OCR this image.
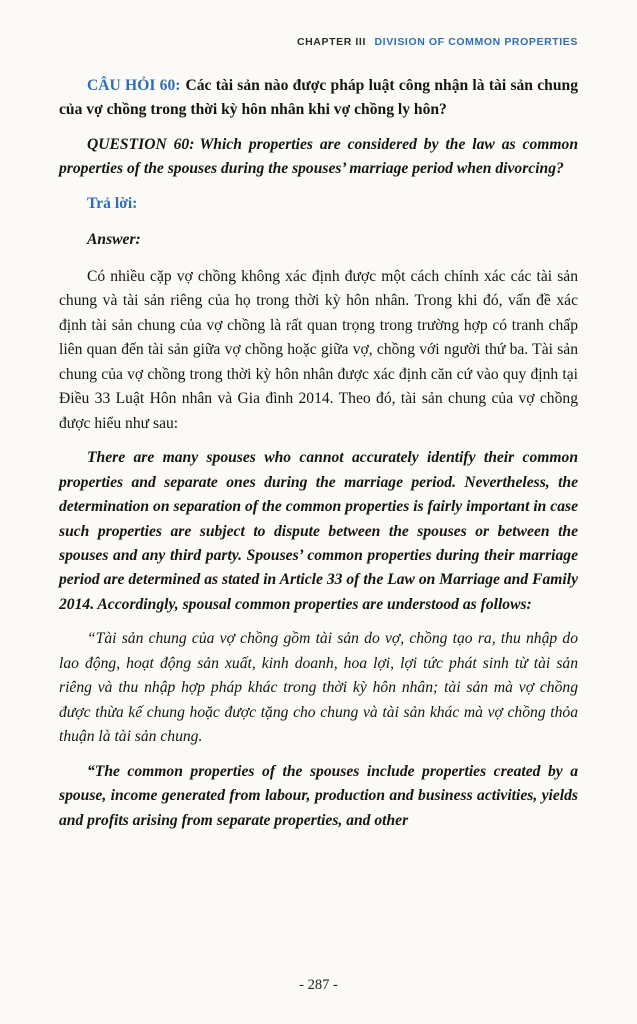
CHAPTER III DIVISION OF COMMON PROPERTIES

CÂU HỎI 60: Các tài sản nào được pháp luật công nhận là tài sản chung của vợ chồng trong thời kỳ hôn nhân khi vợ chồng ly hôn?

QUESTION 60: Which properties are considered by the law as common properties of the spouses during the spouses’ marriage period when divorcing?

Trả lời:

Answer:

Có nhiều cặp vợ chồng không xác định được một cách chính xác các tài sản chung và tài sản riêng của họ trong thời kỳ hôn nhân. Trong khi đó, vấn đề xác định tài sản chung của vợ chồng là rất quan trọng trong trường hợp có tranh chấp liên quan đến tài sản giữa vợ chồng hoặc giữa vợ, chồng với người thứ ba. Tài sản chung của vợ chồng trong thời kỳ hôn nhân được xác định căn cứ vào quy định tại Điều 33 Luật Hôn nhân và Gia đình 2014. Theo đó, tài sản chung của vợ chồng được hiểu như sau:

There are many spouses who cannot accurately identify their common properties and separate ones during the marriage period. Nevertheless, the determination on separation of the common properties is fairly important in case such properties are subject to dispute between the spouses or between the spouses and any third party. Spouses’ common properties during their marriage period are determined as stated in Article 33 of the Law on Marriage and Family 2014. Accordingly, spousal common properties are understood as follows:

“Tài sản chung của vợ chồng gồm tài sản do vợ, chồng tạo ra, thu nhập do lao động, hoạt động sản xuất, kinh doanh, hoa lợi, lợi tức phát sinh từ tài sản riêng và thu nhập hợp pháp khác trong thời kỳ hôn nhân; tài sản mà vợ chồng được thừa kế chung hoặc được tặng cho chung và tài sản khác mà vợ chồng thỏa thuận là tài sản chung.

“The common properties of the spouses include properties created by a spouse, income generated from labour, production and business activities, yields and profits arising from separate properties, and other

- 287 -
